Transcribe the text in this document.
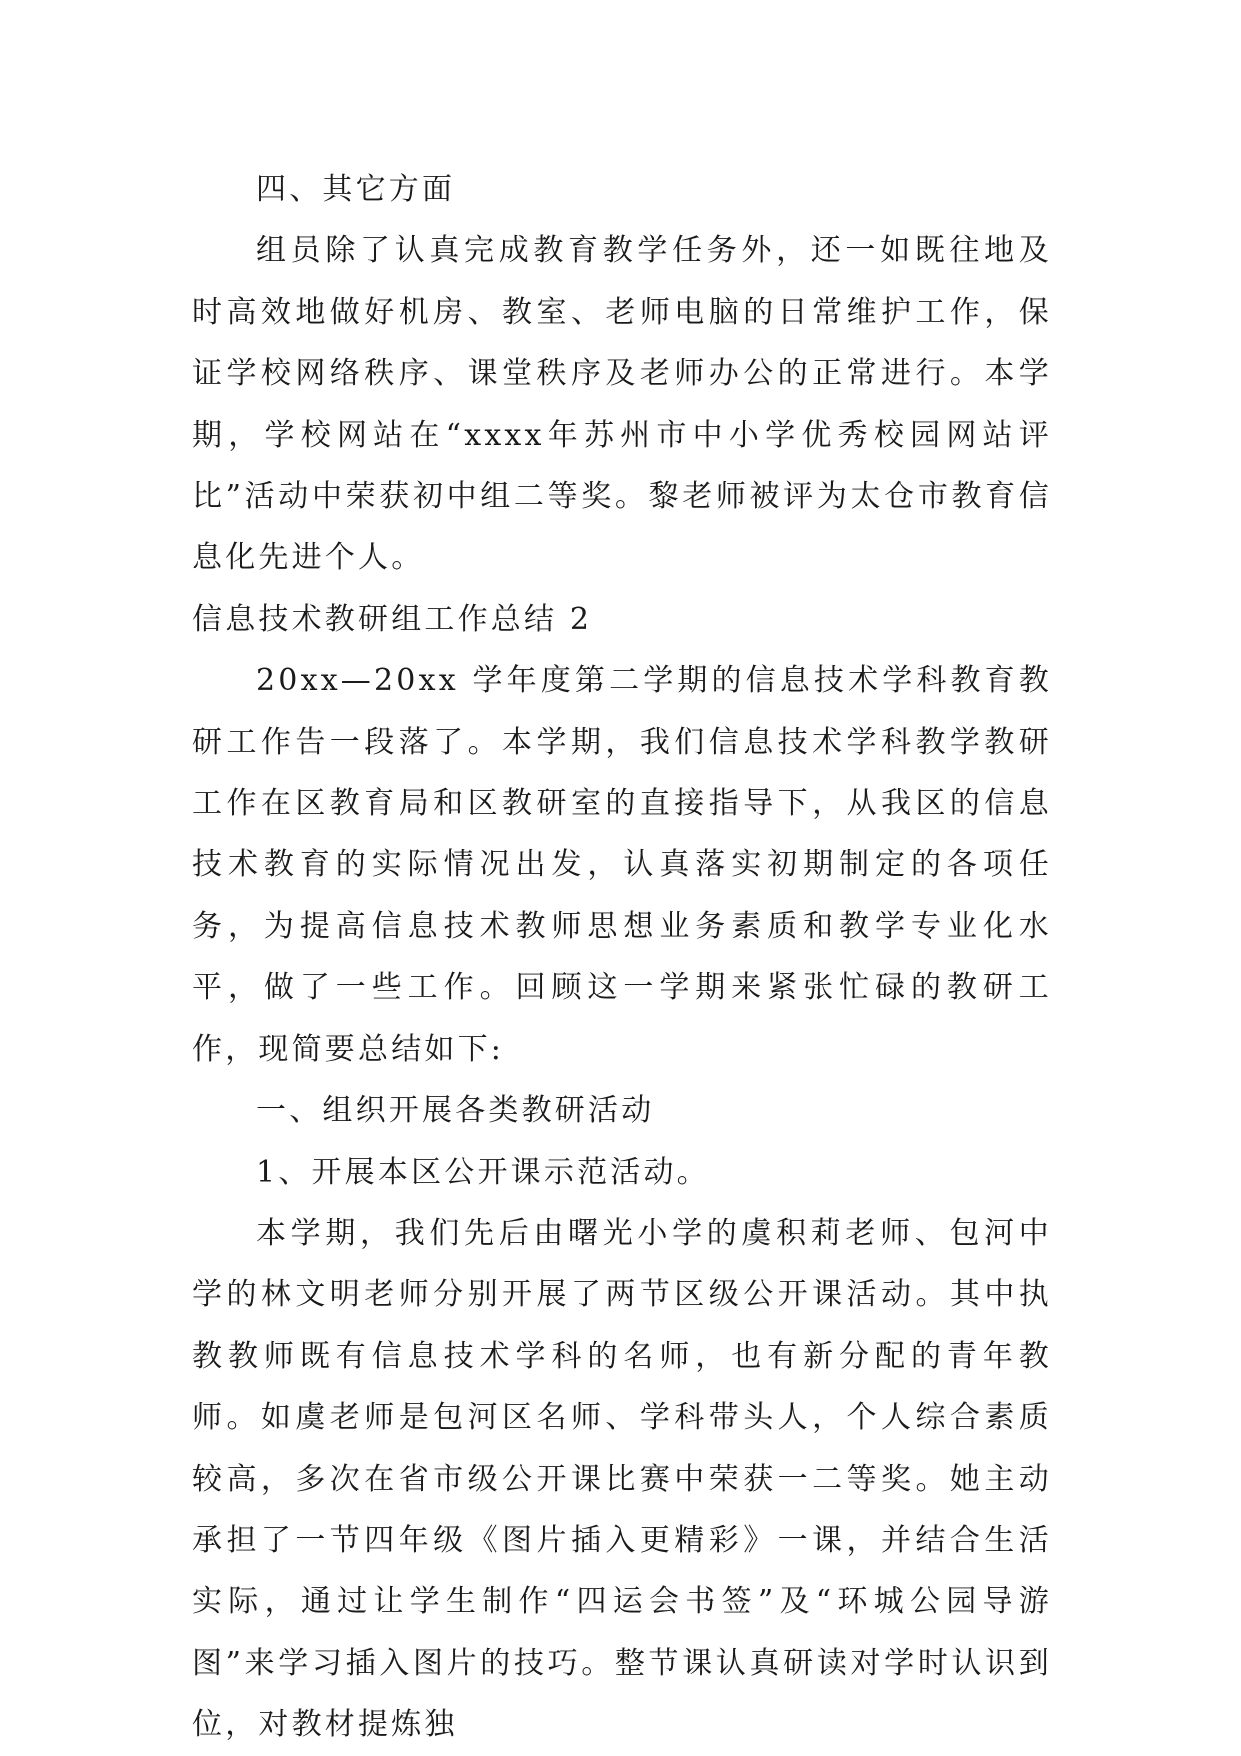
四、其它方面

组员除了认真完成教育教学任务外，还一如既往地及时高效地做好机房、教室、老师电脑的日常维护工作，保证学校网络秩序、课堂秩序及老师办公的正常进行。本学期，学校网站在“xxxx年苏州市中小学优秀校园网站评比”活动中荣获初中组二等奖。黎老师被评为太仓市教育信息化先进个人。

信息技术教研组工作总结 2

20xx—20xx 学年度第二学期的信息技术学科教育教研工作告一段落了。本学期，我们信息技术学科教学教研工作在区教育局和区教研室的直接指导下，从我区的信息技术教育的实际情况出发，认真落实初期制定的各项任务，为提高信息技术教师思想业务素质和教学专业化水平，做了一些工作。回顾这一学期来紧张忙碌的教研工作，现简要总结如下:

一、组织开展各类教研活动

1、开展本区公开课示范活动。

本学期，我们先后由曙光小学的虞积莉老师、包河中学的林文明老师分别开展了两节区级公开课活动。其中执教教师既有信息技术学科的名师，也有新分配的青年教师。如虞老师是包河区名师、学科带头人，个人综合素质较高，多次在省市级公开课比赛中荣获一二等奖。她主动承担了一节四年级《图片插入更精彩》一课，并结合生活实际，通过让学生制作“四运会书签”及“环城公园导游图”来学习插入图片的技巧。整节课认真研读对学时认识到位，对教材提炼独
